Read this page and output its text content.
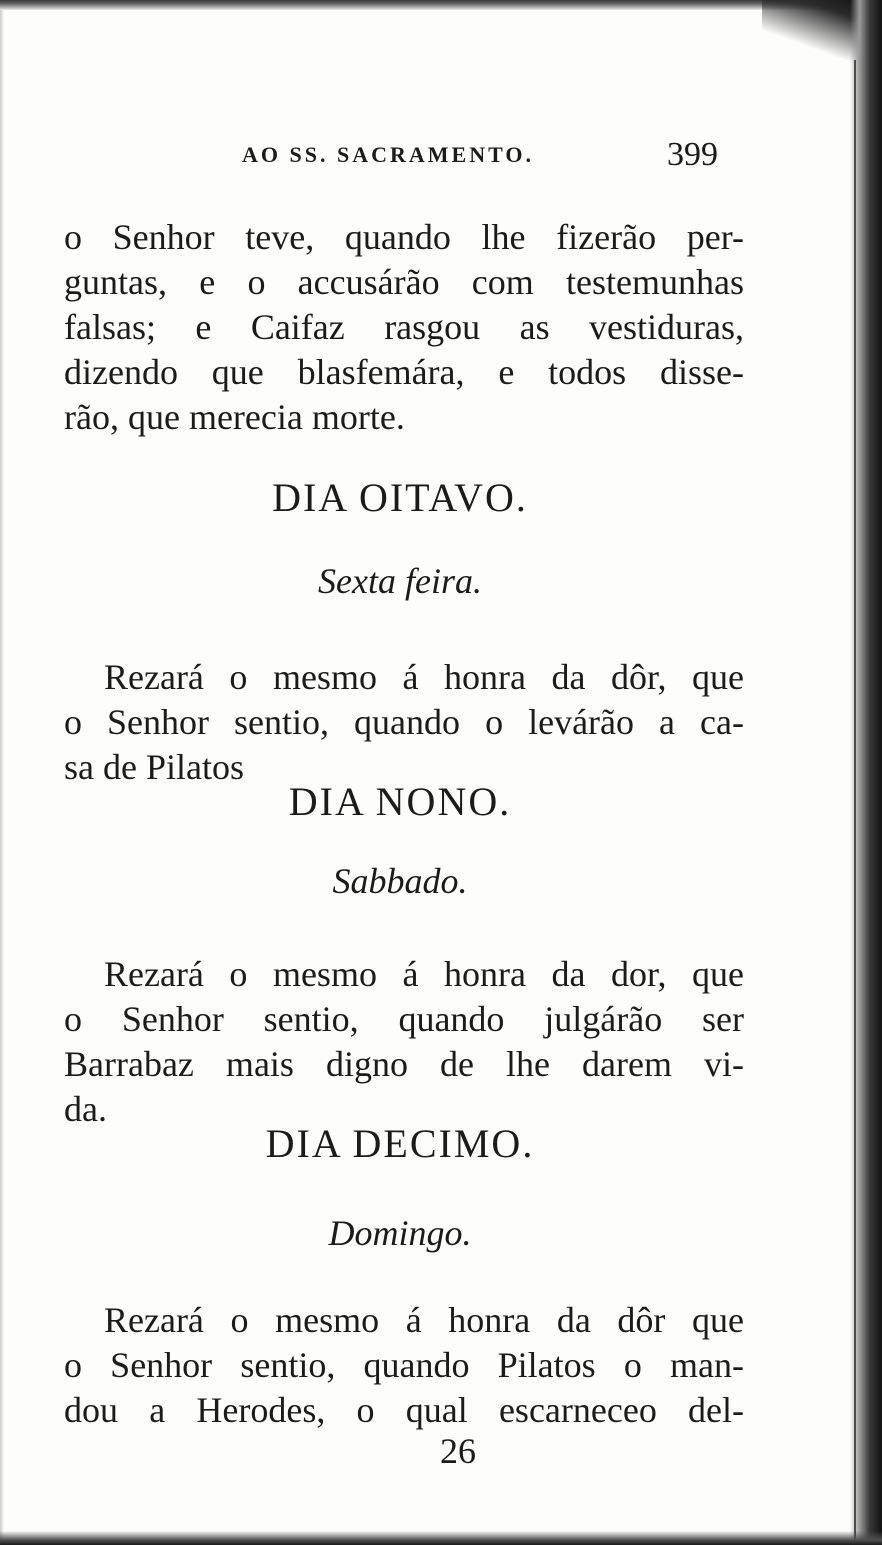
AO SS. SACRAMENTO.	399
o Senhor teve, quando lhe fizerão per-
guntas, e o accusárão com testemunhas
falsas; e Caifaz rasgou as vestiduras,
dizendo que blasfemára, e todos disse-
rão, que merecia morte.
DIA OITAVO.
Sexta feira.
Rezará o mesmo á honra da dôr, que
o Senhor sentio, quando o levárão a ca-
sa de Pilatos
DIA NONO.
Sabbado.
Rezará o mesmo á honra da dor, que
o Senhor sentio, quando julgárão ser
Barrabaz mais digno de lhe darem vi-
da.
DIA DECIMO.
Domingo.
Rezará o mesmo á honra da dôr que
o Senhor sentio, quando Pilatos o man-
dou a Herodes, o qual escarneceo del-
26
